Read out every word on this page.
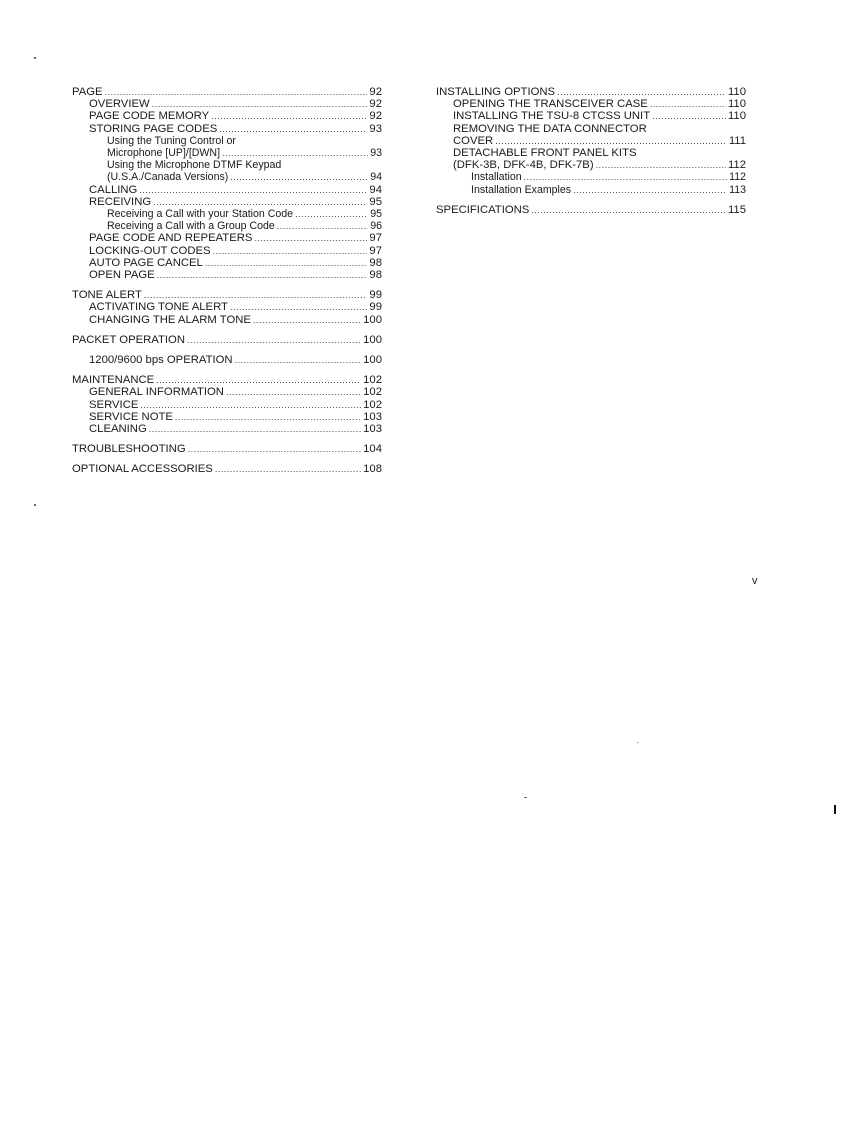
PAGE .....	92
OVERVIEW .....	92
PAGE CODE MEMORY .....	92
STORING PAGE CODES .....	93
Using the Tuning Control or
Microphone [UP]/[DWN] .....	93
Using the Microphone DTMF Keypad
(U.S.A./Canada Versions) .....	94
CALLING .....	94
RECEIVING .....	95
Receiving a Call with your Station Code .....	95
Receiving a Call with a Group Code .....	96
PAGE CODE AND REPEATERS .....	97
LOCKING-OUT CODES .....	97
AUTO PAGE CANCEL .....	98
OPEN PAGE .....	98
TONE ALERT .....	99
ACTIVATING TONE ALERT .....	99
CHANGING THE ALARM TONE .....	100
PACKET OPERATION .....	100
1200/9600 bps OPERATION .....	100
MAINTENANCE .....	102
GENERAL INFORMATION .....	102
SERVICE .....	102
SERVICE NOTE .....	103
CLEANING .....	103
TROUBLESHOOTING .....	104
OPTIONAL ACCESSORIES .....	108
INSTALLING OPTIONS .....	110
OPENING THE TRANSCEIVER CASE .....	110
INSTALLING THE TSU-8 CTCSS UNIT .....	110
REMOVING THE DATA CONNECTOR
COVER .....	111
DETACHABLE FRONT PANEL KITS
(DFK-3B, DFK-4B, DFK-7B) .....	112
Installation .....	112
Installation Examples .....	113
SPECIFICATIONS .....	115
v
